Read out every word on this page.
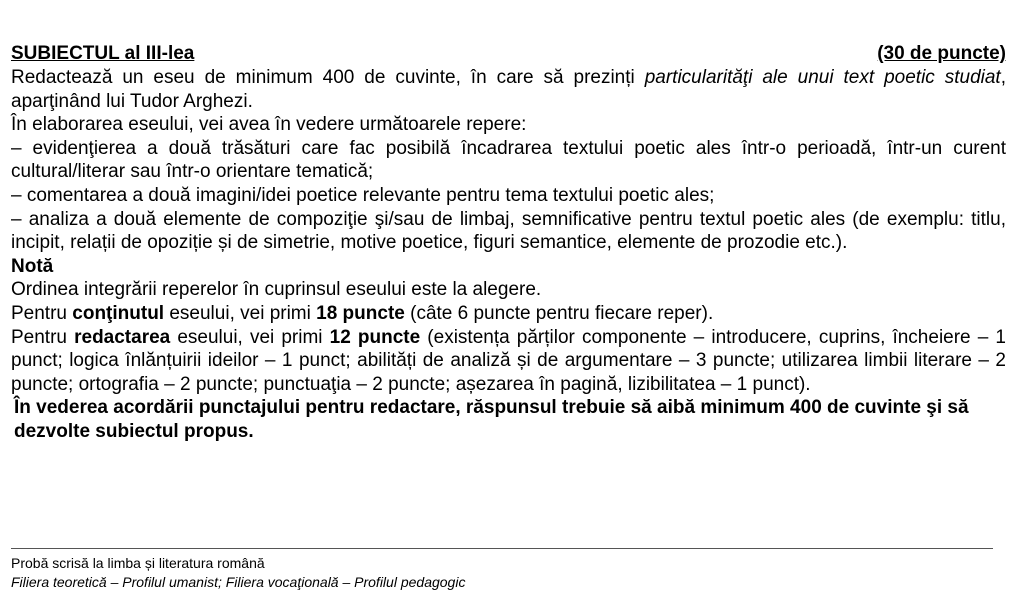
SUBIECTUL al III-lea	(30 de puncte)

Redactează un eseu de minimum 400 de cuvinte, în care să prezinți particularităţi ale unui text poetic studiat, aparţinând lui Tudor Arghezi.

În elaborarea eseului, vei avea în vedere următoarele repere:

– evidenţierea a două trăsături care fac posibilă încadrarea textului poetic ales într-o perioadă, într-un curent cultural/literar sau într-o orientare tematică;

– comentarea a două imagini/idei poetice relevante pentru tema textului poetic ales;

– analiza a două elemente de compoziţie şi/sau de limbaj, semnificative pentru textul poetic ales (de exemplu: titlu, incipit, relații de opoziție și de simetrie, motive poetice, figuri semantice, elemente de prozodie etc.).

Notă

Ordinea integrării reperelor în cuprinsul eseului este la alegere.

Pentru conţinutul eseului, vei primi 18 puncte (câte 6 puncte pentru fiecare reper).

Pentru redactarea eseului, vei primi 12 puncte (existența părților componente – introducere, cuprins, încheiere – 1 punct; logica înlănțuirii ideilor – 1 punct; abilități de analiză și de argumentare – 3 puncte; utilizarea limbii literare – 2 puncte; ortografia – 2 puncte; punctuaţia – 2 puncte; așezarea în pagină, lizibilitatea – 1 punct).

În vederea acordării punctajului pentru redactare, răspunsul trebuie să aibă minimum 400 de cuvinte şi să dezvolte subiectul propus.

Probă scrisă la limba și literatura română

Filiera teoretică – Profilul umanist; Filiera vocaţională – Profilul pedagogic
